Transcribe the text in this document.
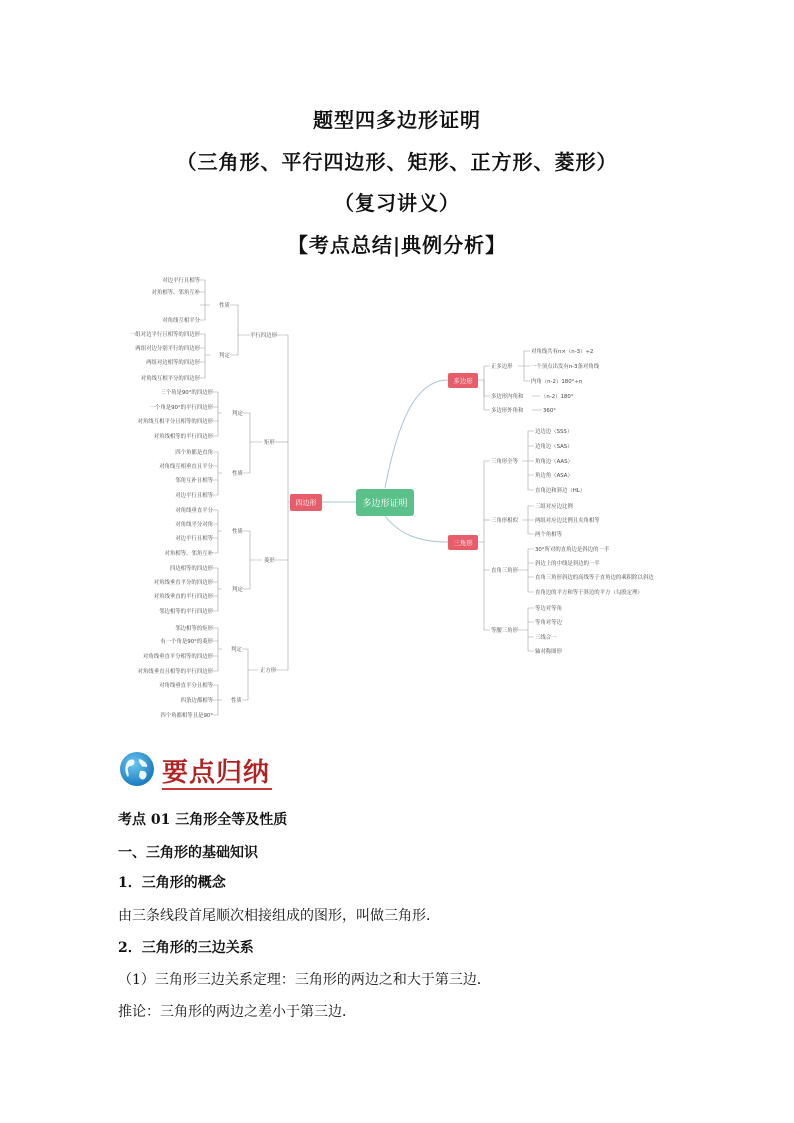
题型四多边形证明
（三角形、平行四边形、矩形、正方形、菱形）
（复习讲义）
【考点总结|典例分析】
多边形证明
四边形
多边形
三角形
平行四边形
性质
判定
对边平行且相等
对角相等、邻角互补
对角线互相平分
一组对边平行且相等的四边形
两组对边分别平行的四边形
两组对边相等的四边形
对角线互相平分的四边形
矩形
判定
性质
三个角是90°的四边形
一个角是90°的平行四边形
对角线互相平分且相等的四边形
对角线相等的平行四边形
四个角都是直角
对角线互相垂直且平分
邻角互补且相等
对边平行且相等
菱形
性质
判定
对角线垂直平分
对角线平分对角
对边平行且相等
对角相等、邻角互补
四边相等的四边形
对角线垂直平分的四边形
对角线垂直的平行四边形
邻边相等的平行四边形
正方形
判定
性质
邻边相等的矩形
有一个角是90°的菱形
对角线垂直平分相等的四边形
对角线垂直且相等的平行四边形
对角线垂直平分且相等
四条边都相等
四个角都相等且是90°
正多边形
对角线共有n×（n-3）÷2
一个顶点出发有n-3条对角线
内角（n-2）180°÷n
多边形内角和	（n-2）180°
多边形外角和	360°
三角形全等
边边边（SSS）
边角边（SAS）
角角边（AAS）
角边角（ASA）
直角边和斜边（HL）
三角形相似
三组对应边比例
两组对应边比例且夹角相等
两个角相等
直角三角形
30°所对的直角边是斜边的一半
斜边上的中线是斜边的一半
直角三角形斜边的高线等于直角边的乘积除以斜边
直角边的平方和等于斜边的平方（勾股定理）
等腰三角形
等边对等角
等角对等边
三线合一
轴对称图形
要点归纳
考点 01 三角形全等及性质
一、三角形的基础知识
1．三角形的概念
由三条线段首尾顺次相接组成的图形，叫做三角形．
2．三角形的三边关系
（1）三角形三边关系定理：三角形的两边之和大于第三边．
推论：三角形的两边之差小于第三边．
